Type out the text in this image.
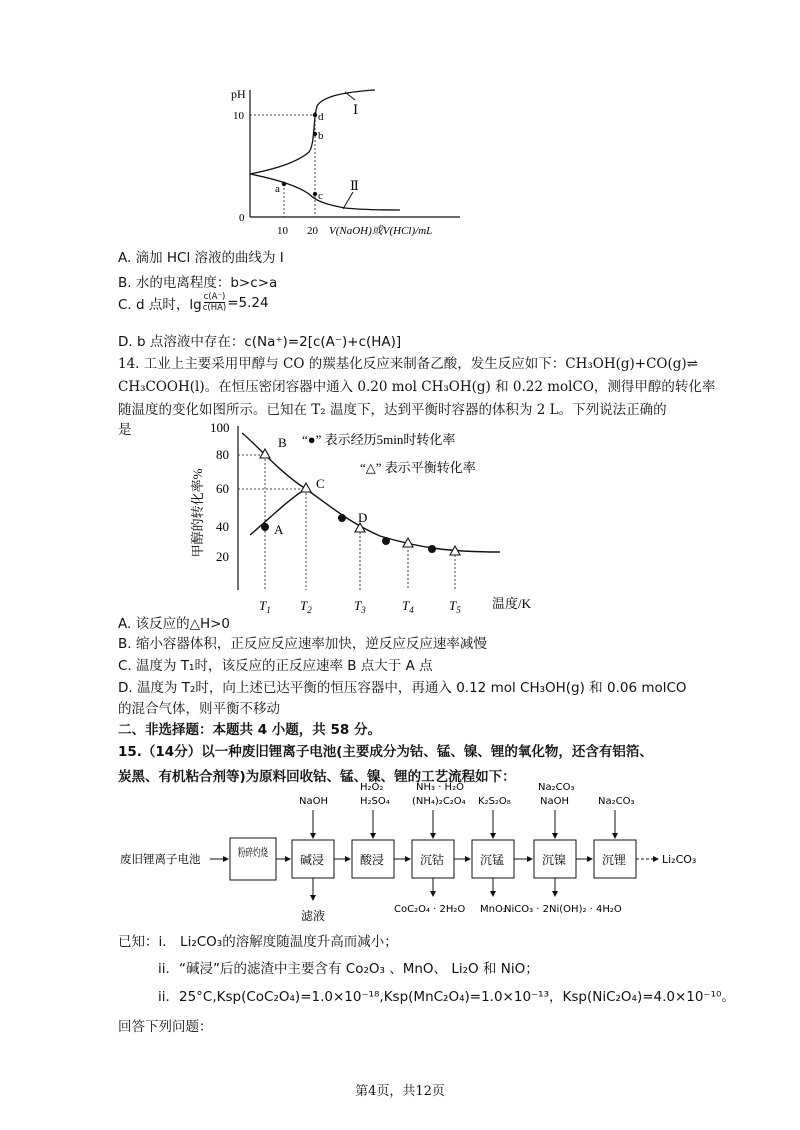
pH
10
0
Ⅰ
Ⅱ
a
b
c
d
10 20 V(NaOH)或V(HCl)/mL
A. 滴加 HCl 溶液的曲线为 Ⅰ
B. 水的电离程度：b>c>a
C. d 点时，$\lg \frac{c(A^-)}{c(HA)} =5.24$
D. b 点溶液中存在：c(Na⁺)=2[c(A⁻)+c(HA)]
14. 工业上主要采用甲醇与 CO 的羰基化反应来制备乙酸，发生反应如下：CH₃OH(g)+CO(g)⇌
CH₃COOH(l)。在恒压密闭容器中通入 0.20 mol CH₃OH(g) 和 0.22 molCO，测得甲醇的转化率
随温度的变化如图所示。已知在 T₂ 温度下，达到平衡时容器的体积为 2 L。下列说法正确的
是
甲醇的转化率%
100
80
60
40
20
A
B
C
D
“●” 表示经历5min时转化率
“△” 表示平衡转化率
$T_1$ $T_2$	$T_3$	$T_4$	$T_5$ 温度/K
A. 该反应的△H>0
B. 缩小容器体积，正反应反应速率加快，逆反应反应速率减慢
C. 温度为 T₁时，该反应的正反应速率 B 点大于 A 点
D. 温度为 T₂时，向上述已达平衡的恒压容器中，再通入 0.12 mol CH₃OH(g) 和 0.06 molCO
的混合气体，则平衡不移动
二、非选择题：本题共 4 小题，共 58 分。
15.（14分）以一种废旧锂离子电池(主要成分为钴、锰、镍、锂的氧化物，还含有铝箔、
炭黑、有机粘合剂等)为原料回收钴、锰、镍、锂的工艺流程如下：
废旧锂离子电池	粉碎灼烧
碱浸	酸浸	沉钴	沉锰	沉镍	沉锂	Li₂CO₃
NaOH
H₂O₂
H₂SO₄
NH₃ · H₂O
(NH₄)₂C₂O₄ K₂S₂O₈
Na₂CO₃
NaOH	Na₂CO₃
滤液	CoC₂O₄ · 2H₂O MnO₂
NiCO₃ · 2Ni(OH)₂ · 4H₂O
已知：i． Li₂CO₃的溶解度随温度升高而减小；
ii．“碱浸”后的滤渣中主要含有 Co₂O₃ 、MnO、 Li₂O 和 NiO；
ii．25°C,Ksp(CoC₂O₄)=1.0×10⁻¹⁸,Ksp(MnC₂O₄)=1.0×10⁻¹³，Ksp(NiC₂O₄)=4.0×10⁻¹⁰。
回答下列问题：
第4页，共12页
